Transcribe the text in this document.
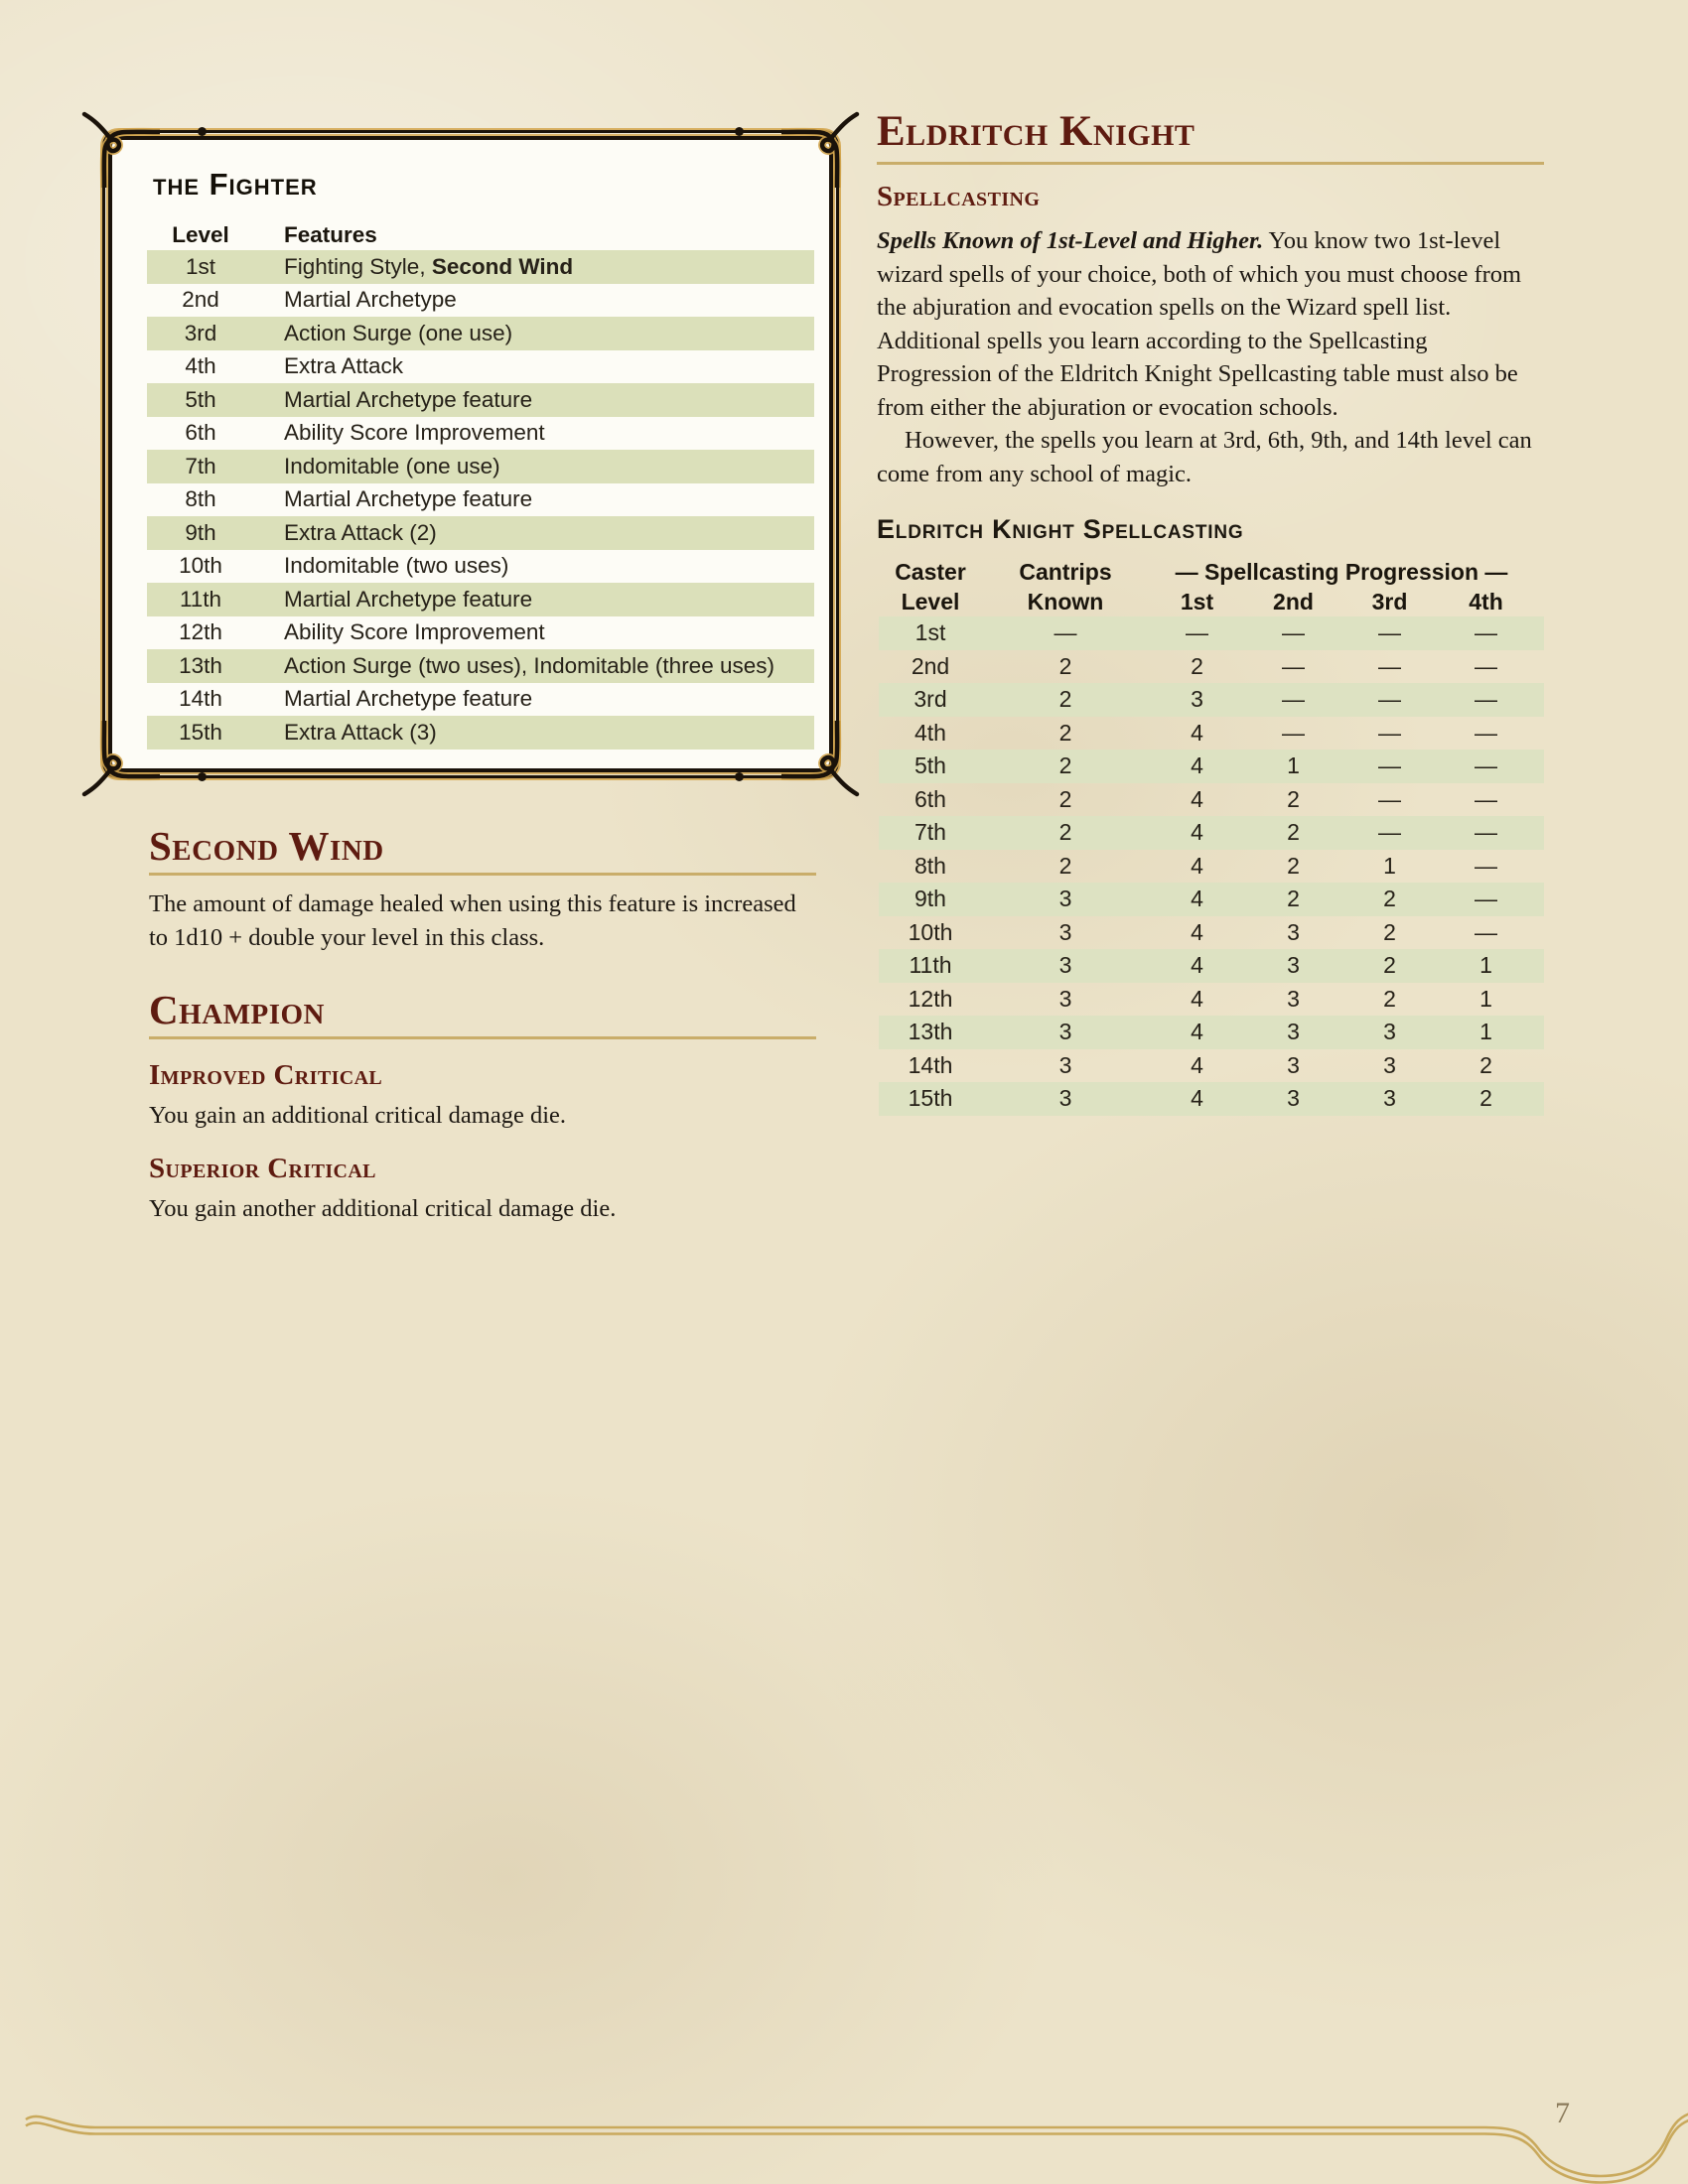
the Fighter
Level	Features
1st	Fighting Style, Second Wind
2nd	Martial Archetype
3rd	Action Surge (one use)
4th	Extra Attack
5th	Martial Archetype feature
6th	Ability Score Improvement
7th	Indomitable (one use)
8th	Martial Archetype feature
9th	Extra Attack (2)
10th	Indomitable (two uses)
11th	Martial Archetype feature
12th	Ability Score Improvement
13th	Action Surge (two uses), Indomitable (three uses)
14th	Martial Archetype feature
15th	Extra Attack (3)
Second Wind

The amount of damage healed when using this feature is increased to 1d10 + double your level in this class.

Champion
Improved Critical

You gain an additional critical damage die.

Superior Critical

You gain another additional critical damage die.

Eldritch Knight
Spellcasting

Spells Known of 1st-Level and Higher. You know two 1st-level wizard spells of your choice, both of which you must choose from the abjuration and evocation spells on the Wizard spell list. Additional spells you learn according to the Spellcasting Progression of the Eldritch Knight Spellcasting table must also be from either the abjuration or evocation schools.

However, the spells you learn at 3rd, 6th, 9th, and 14th level can come from any school of magic.

Eldritch Knight Spellcasting
Caster	Cantrips	— Spellcasting Progression —
Level	Known	1st	2nd	3rd	4th
1st	—	—	—	—	—
2nd	2	2	—	—	—
3rd	2	3	—	—	—
4th	2	4	—	—	—
5th	2	4	1	—	—
6th	2	4	2	—	—
7th	2	4	2	—	—
8th	2	4	2	1	—
9th	3	4	2	2	—
10th	3	4	3	2	—
11th	3	4	3	2	1
12th	3	4	3	2	1
13th	3	4	3	3	1
14th	3	4	3	3	2
15th	3	4	3	3	2
7
